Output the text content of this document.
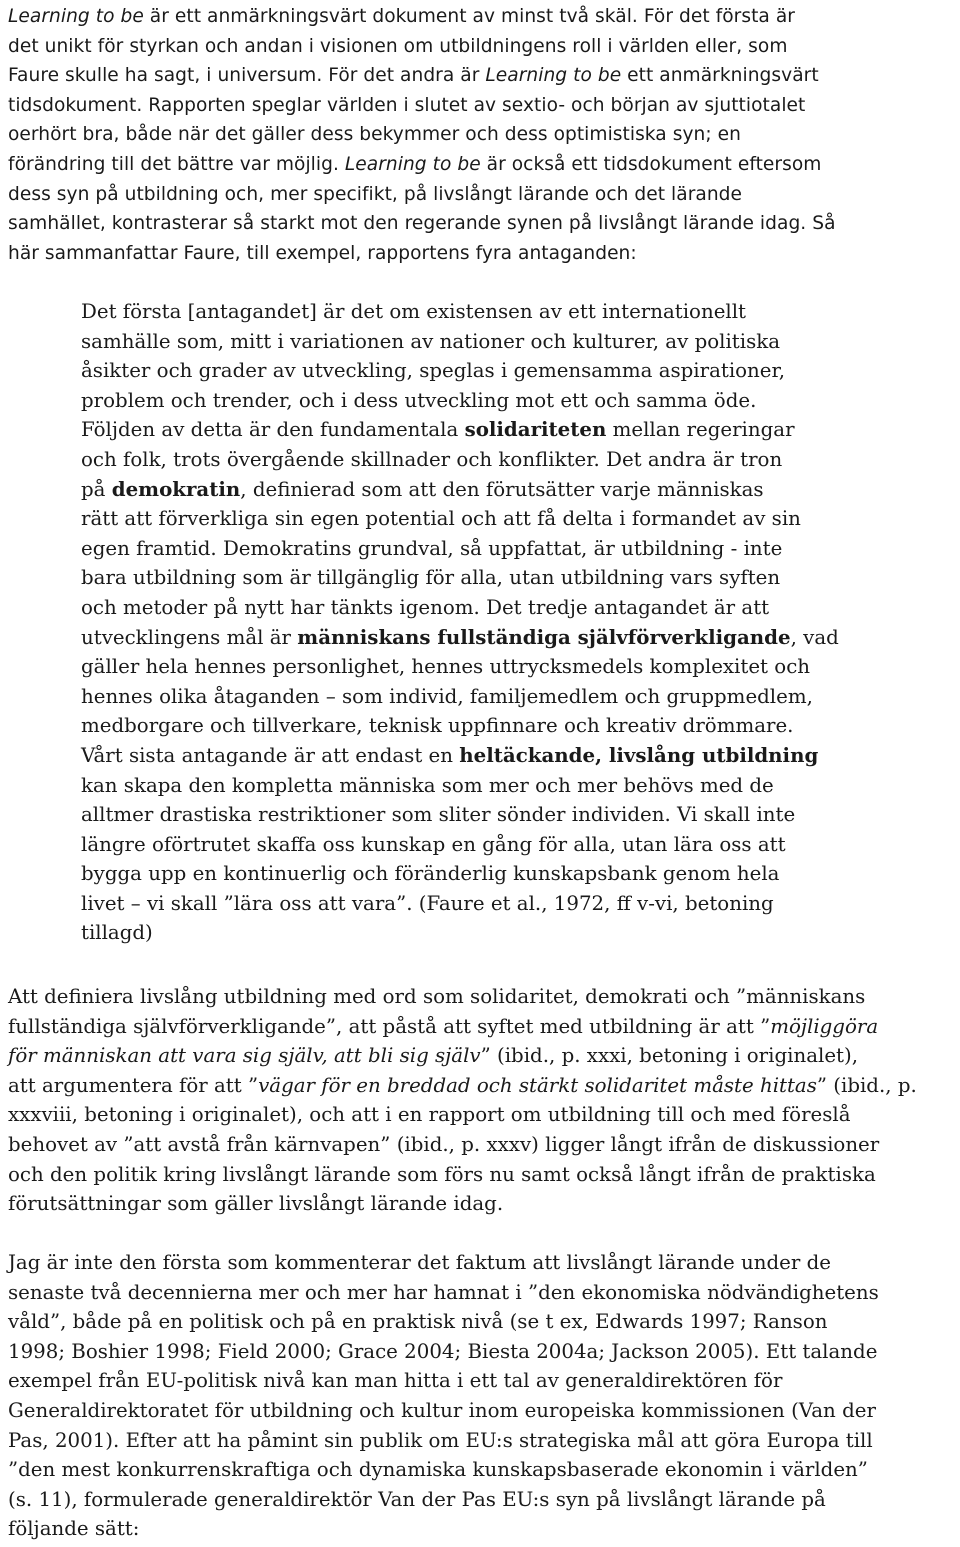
Learning to be är ett anmärkningsvärt dokument av minst två skäl. För det första är
det unikt för styrkan och andan i visionen om utbildningens roll i världen eller, som
Faure skulle ha sagt, i universum. För det andra är Learning to be ett anmärkningsvärt
tidsdokument. Rapporten speglar världen i slutet av sextio- och början av sjuttiotalet
oerhört bra, både när det gäller dess bekymmer och dess optimistiska syn; en
förändring till det bättre var möjlig. Learning to be är också ett tidsdokument eftersom
dess syn på utbildning och, mer specifikt, på livslångt lärande och det lärande
samhället, kontrasterar så starkt mot den regerande synen på livslångt lärande idag. Så
här sammanfattar Faure, till exempel, rapportens fyra antaganden:

Det första [antagandet] är det om existensen av ett internationellt
samhälle som, mitt i variationen av nationer och kulturer, av politiska
åsikter och grader av utveckling, speglas i gemensamma aspirationer,
problem och trender, och i dess utveckling mot ett och samma öde.
Följden av detta är den fundamentala solidariteten mellan regeringar
och folk, trots övergående skillnader och konflikter. Det andra är tron
på demokratin, definierad som att den förutsätter varje människas
rätt att förverkliga sin egen potential och att få delta i formandet av sin
egen framtid. Demokratins grundval, så uppfattat, är utbildning - inte
bara utbildning som är tillgänglig för alla, utan utbildning vars syften
och metoder på nytt har tänkts igenom. Det tredje antagandet är att
utvecklingens mål är människans fullständiga självförverkligande, vad
gäller hela hennes personlighet, hennes uttrycksmedels komplexitet och
hennes olika åtaganden – som individ, familjemedlem och gruppmedlem,
medborgare och tillverkare, teknisk uppfinnare och kreativ drömmare.
Vårt sista antagande är att endast en heltäckande, livslång utbildning
kan skapa den kompletta människa som mer och mer behövs med de
alltmer drastiska restriktioner som sliter sönder individen. Vi skall inte
längre oförtrutet skaffa oss kunskap en gång för alla, utan lära oss att
bygga upp en kontinuerlig och föränderlig kunskapsbank genom hela
livet – vi skall ”lära oss att vara”. (Faure et al., 1972, ff v-vi, betoning
tillagd)

Att definiera livslång utbildning med ord som solidaritet, demokrati och ”människans
fullständiga självförverkligande”, att påstå att syftet med utbildning är att ”möjliggöra
för människan att vara sig själv, att bli sig själv” (ibid., p. xxxi, betoning i originalet),
att argumentera för att ”vägar för en breddad och stärkt solidaritet måste hittas” (ibid., p.
xxxviii, betoning i originalet), och att i en rapport om utbildning till och med föreslå
behovet av ”att avstå från kärnvapen” (ibid., p. xxxv) ligger långt ifrån de diskussioner
och den politik kring livslångt lärande som förs nu samt också långt ifrån de praktiska
förutsättningar som gäller livslångt lärande idag.

Jag är inte den första som kommenterar det faktum att livslångt lärande under de
senaste två decennierna mer och mer har hamnat i ”den ekonomiska nödvändighetens
våld”, både på en politisk och på en praktisk nivå (se t ex, Edwards 1997; Ranson
1998; Boshier 1998; Field 2000; Grace 2004; Biesta 2004a; Jackson 2005). Ett talande
exempel från EU-politisk nivå kan man hitta i ett tal av generaldirektören för
Generaldirektoratet för utbildning och kultur inom europeiska kommissionen (Van der
Pas, 2001). Efter att ha påmint sin publik om EU:s strategiska mål att göra Europa till
”den mest konkurrenskraftiga och dynamiska kunskapsbaserade ekonomin i världen”
(s. 11), formulerade generaldirektör Van der Pas EU:s syn på livslångt lärande på
följande sätt:
